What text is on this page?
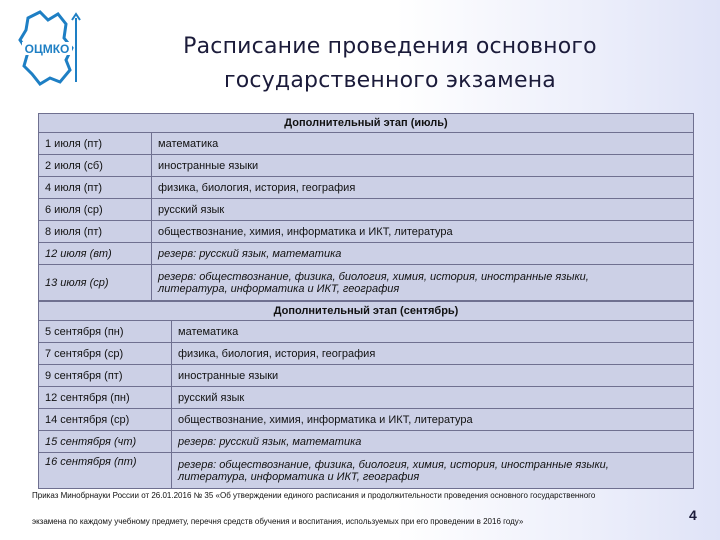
ОЦМКО	Расписание проведения основного
государственного экзамена
Дополнительный этап (июль)	
1 июля (пт)	математика
2 июля (сб)	иностранные языки
4 июля (пт)	физика, биология, история, география
6 июля (ср)	русский язык
8 июля (пт)	обществознание, химия, информатика и ИКТ, литература
12 июля (вт)	резерв: русский язык, математика
13 июля (ср)	резерв: обществознание, физика, биология, химия, история, иностранные языки,
литература, информатика и ИКТ, география
Дополнительный этап (сентябрь)	
5 сентября (пн)	математика
7 сентября (ср)	физика, биология, история, география
9 сентября (пт)	иностранные языки
12 сентября (пн)	русский язык
14 сентября (ср)	обществознание, химия, информатика и ИКТ, литература
15 сентября (чт)	резерв: русский язык, математика
16 сентября (пт)	резерв: обществознание, физика, биология, химия, история, иностранные языки,
литература, информатика и ИКТ, география
Приказ Минобрнауки России от 26.01.2016 № 35 «Об утверждении единого расписания и продолжительности проведения основного государственного
экзамена по каждому учебному предмету, перечня средств обучения и воспитания, используемых при его проведении в 2016 году»	4
